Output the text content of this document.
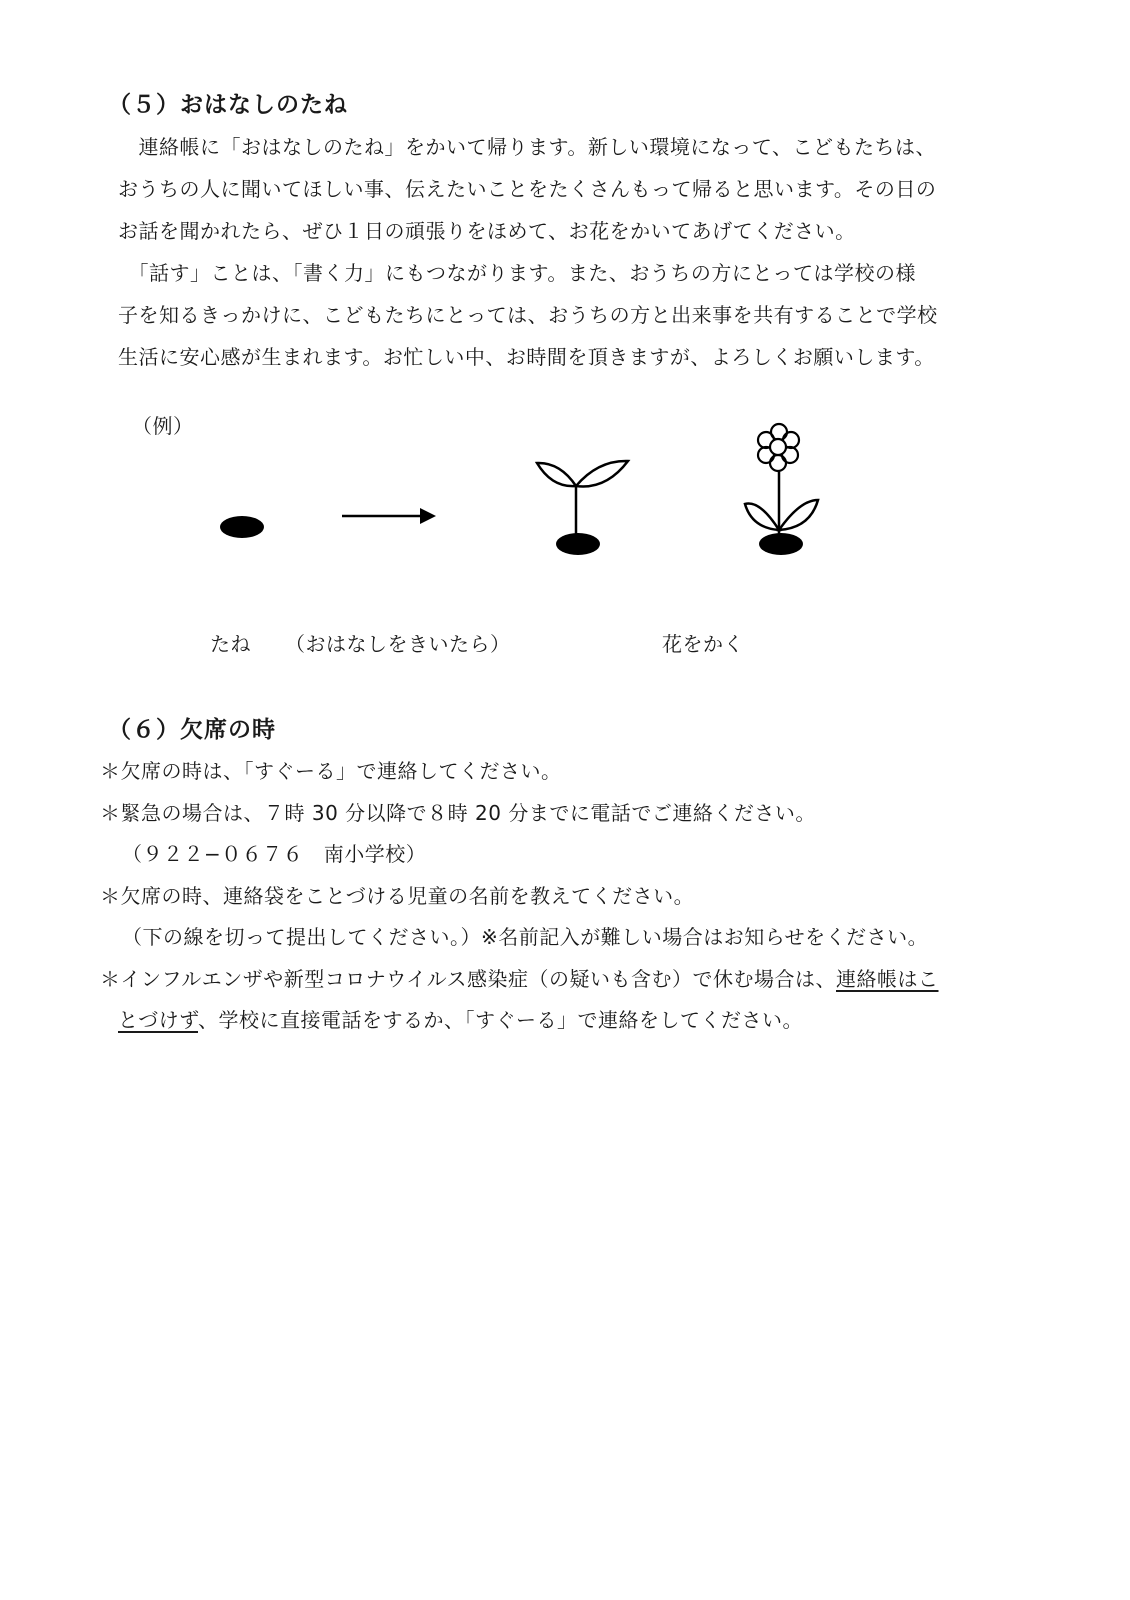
（５）おはなしのたね
　連絡帳に「おはなしのたね」をかいて帰ります。新しい環境になって、こどもたちは、
おうちの人に聞いてほしい事、伝えたいことをたくさんもって帰ると思います。その日の
お話を聞かれたら、ぜひ１日の頑張りをほめて、お花をかいてあげてください。
　「話す」ことは、「書く力」にもつながります。また、おうちの方にとっては学校の様
子を知るきっかけに、こどもたちにとっては、おうちの方と出来事を共有することで学校
生活に安心感が生まれます。お忙しい中、お時間を頂きますが、よろしくお願いします。
（例）
たね （おはなしをきいたら）	花をかく
（６）欠席の時
＊欠席の時は、「すぐーる」で連絡してください。
＊緊急の場合は、７時 30 分以降で８時 20 分までに電話でご連絡ください。
（９２２−０６７６　南小学校）
＊欠席の時、連絡袋をことづける児童の名前を教えてください。
（下の線を切って提出してください。）※名前記入が難しい場合はお知らせをください。
＊インフルエンザや新型コロナウイルス感染症（の疑いも含む）で休む場合は、連絡帳はこ
とづけず、学校に直接電話をするか、「すぐーる」で連絡をしてください。
